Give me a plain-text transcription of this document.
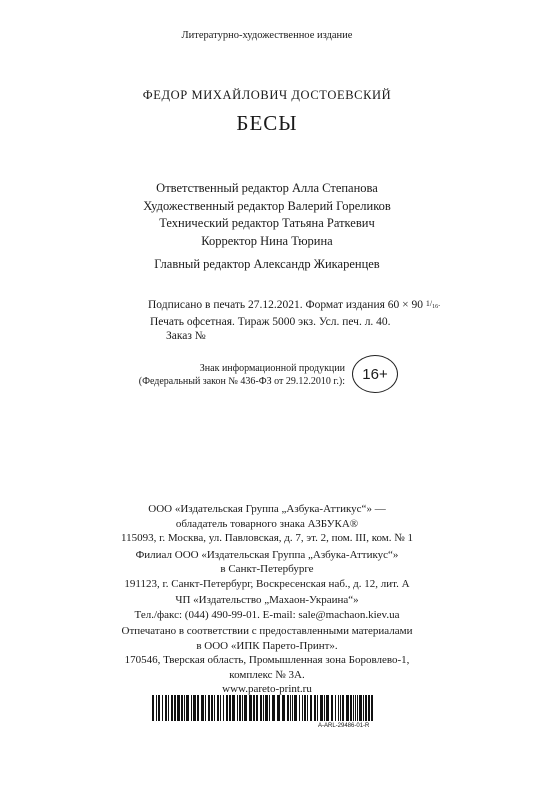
Литературно-художественное издание
ФЕДОР МИХАЙЛОВИЧ ДОСТОЕВСКИЙ
БЕСЫ
Ответственный редактор Алла Степанова
Художественный редактор Валерий Гореликов
Технический редактор Татьяна Раткевич
Корректор Нина Тюрина
Главный редактор Александр Жикаренцев
Подписано в печать 27.12.2021. Формат издания 60 × 90 $1/_{16}$.
Печать офсетная. Тираж 5000 экз. Усл. печ. л. 40.
Заказ №
Знак информационной продукции
(Федеральный закон № 436-ФЗ от 29.12.2010 г.):	16+
ООО «Издательская Группа „Азбука-Аттикус“» —
обладатель товарного знака АЗБУКА®
115093, г. Москва, ул. Павловская, д. 7, эт. 2, пом. III, ком. № 1
Филиал ООО «Издательская Группа „Азбука-Аттикус“»
в Санкт-Петербурге
191123, г. Санкт-Петербург, Воскресенская наб., д. 12, лит. А
ЧП «Издательство „Махаон-Украина“»
Тел./факс: (044) 490-99-01. E-mail: sale@machaon.kiev.ua
Отпечатано в соответствии с предоставленными материалами
в ООО «ИПК Парето-Принт».
170546, Тверская область, Промышленная зона Боровлево-1,
комплекс № 3А.
www.pareto-print.ru
A-ARL-29486-01-R
